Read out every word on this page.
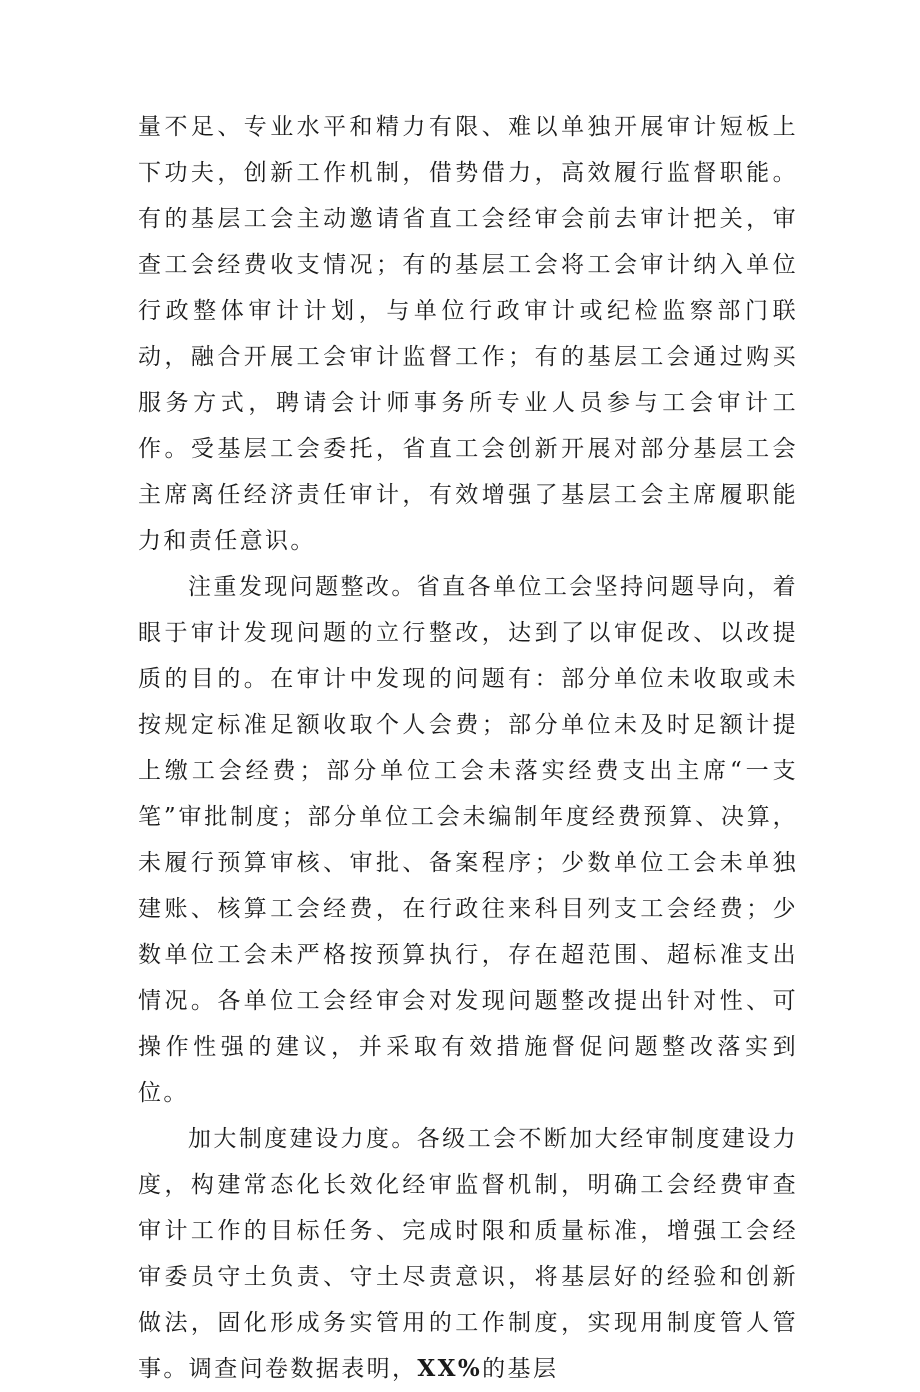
量不足、专业水平和精力有限、难以单独开展审计短板上下功夫，创新工作机制，借势借力，高效履行监督职能。有的基层工会主动邀请省直工会经审会前去审计把关，审查工会经费收支情况；有的基层工会将工会审计纳入单位行政整体审计计划，与单位行政审计或纪检监察部门联动，融合开展工会审计监督工作；有的基层工会通过购买服务方式，聘请会计师事务所专业人员参与工会审计工作。受基层工会委托，省直工会创新开展对部分基层工会主席离任经济责任审计，有效增强了基层工会主席履职能力和责任意识。

注重发现问题整改。省直各单位工会坚持问题导向，着眼于审计发现问题的立行整改，达到了以审促改、以改提质的目的。在审计中发现的问题有：部分单位未收取或未按规定标准足额收取个人会费；部分单位未及时足额计提上缴工会经费；部分单位工会未落实经费支出主席“一支笔”审批制度；部分单位工会未编制年度经费预算、决算，未履行预算审核、审批、备案程序；少数单位工会未单独建账、核算工会经费，在行政往来科目列支工会经费；少数单位工会未严格按预算执行，存在超范围、超标准支出情况。各单位工会经审会对发现问题整改提出针对性、可操作性强的建议，并采取有效措施督促问题整改落实到位。

加大制度建设力度。各级工会不断加大经审制度建设力度，构建常态化长效化经审监督机制，明确工会经费审查审计工作的目标任务、完成时限和质量标准，增强工会经审委员守土负责、守土尽责意识，将基层好的经验和创新做法，固化形成务实管用的工作制度，实现用制度管人管事。调查问卷数据表明，XX%的基层
